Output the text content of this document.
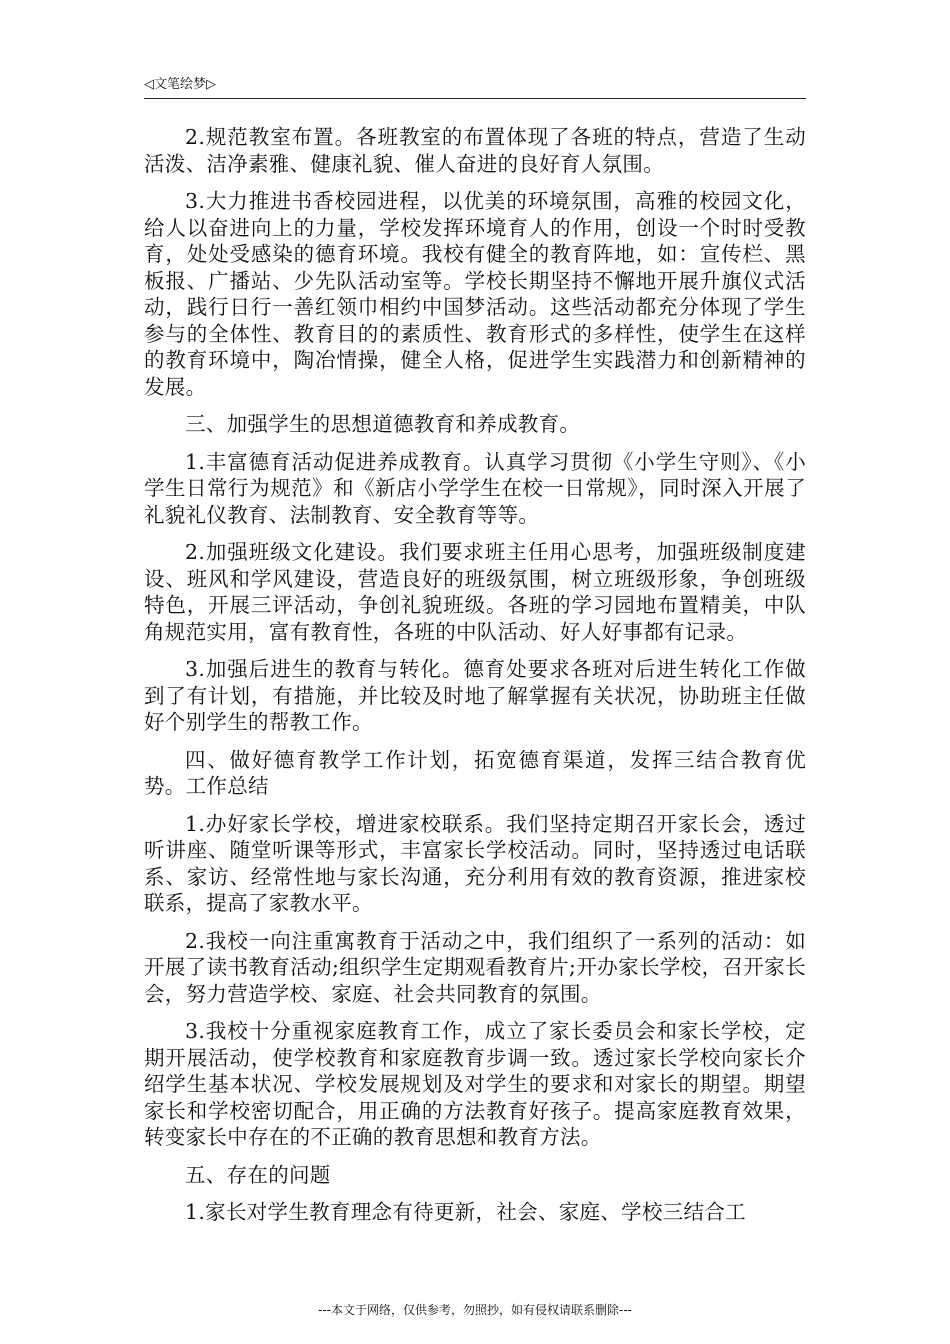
◁文笔绘梦▷

2.规范教室布置。各班教室的布置体现了各班的特点，营造了生动活泼、洁净素雅、健康礼貌、催人奋进的良好育人氛围。

3.大力推进书香校园进程，以优美的环境氛围，高雅的校园文化，给人以奋进向上的力量，学校发挥环境育人的作用，创设一个时时受教育，处处受感染的德育环境。我校有健全的教育阵地，如：宣传栏、黑板报、广播站、少先队活动室等。学校长期坚持不懈地开展升旗仪式活动，践行日行一善红领巾相约中国梦活动。这些活动都充分体现了学生参与的全体性、教育目的的素质性、教育形式的多样性，使学生在这样的教育环境中，陶冶情操，健全人格，促进学生实践潜力和创新精神的发展。

三、加强学生的思想道德教育和养成教育。

1.丰富德育活动促进养成教育。认真学习贯彻《小学生守则》、《小学生日常行为规范》和《新店小学学生在校一日常规》，同时深入开展了礼貌礼仪教育、法制教育、安全教育等等。

2.加强班级文化建设。我们要求班主任用心思考，加强班级制度建设、班风和学风建设，营造良好的班级氛围，树立班级形象，争创班级特色，开展三评活动，争创礼貌班级。各班的学习园地布置精美，中队角规范实用，富有教育性，各班的中队活动、好人好事都有记录。

3.加强后进生的教育与转化。德育处要求各班对后进生转化工作做到了有计划，有措施，并比较及时地了解掌握有关状况，协助班主任做好个别学生的帮教工作。

四、做好德育教学工作计划，拓宽德育渠道，发挥三结合教育优势。工作总结

1.办好家长学校，增进家校联系。我们坚持定期召开家长会，透过听讲座、随堂听课等形式，丰富家长学校活动。同时，坚持透过电话联系、家访、经常性地与家长沟通，充分利用有效的教育资源，推进家校联系，提高了家教水平。

2.我校一向注重寓教育于活动之中，我们组织了一系列的活动：如开展了读书教育活动;组织学生定期观看教育片;开办家长学校，召开家长会，努力营造学校、家庭、社会共同教育的氛围。

3.我校十分重视家庭教育工作，成立了家长委员会和家长学校，定期开展活动，使学校教育和家庭教育步调一致。透过家长学校向家长介绍学生基本状况、学校发展规划及对学生的要求和对家长的期望。期望家长和学校密切配合，用正确的方法教育好孩子。提高家庭教育效果，转变家长中存在的不正确的教育思想和教育方法。

五、存在的问题

1.家长对学生教育理念有待更新，社会、家庭、学校三结合工

---本文于网络，仅供参考，勿照抄，如有侵权请联系删除---
